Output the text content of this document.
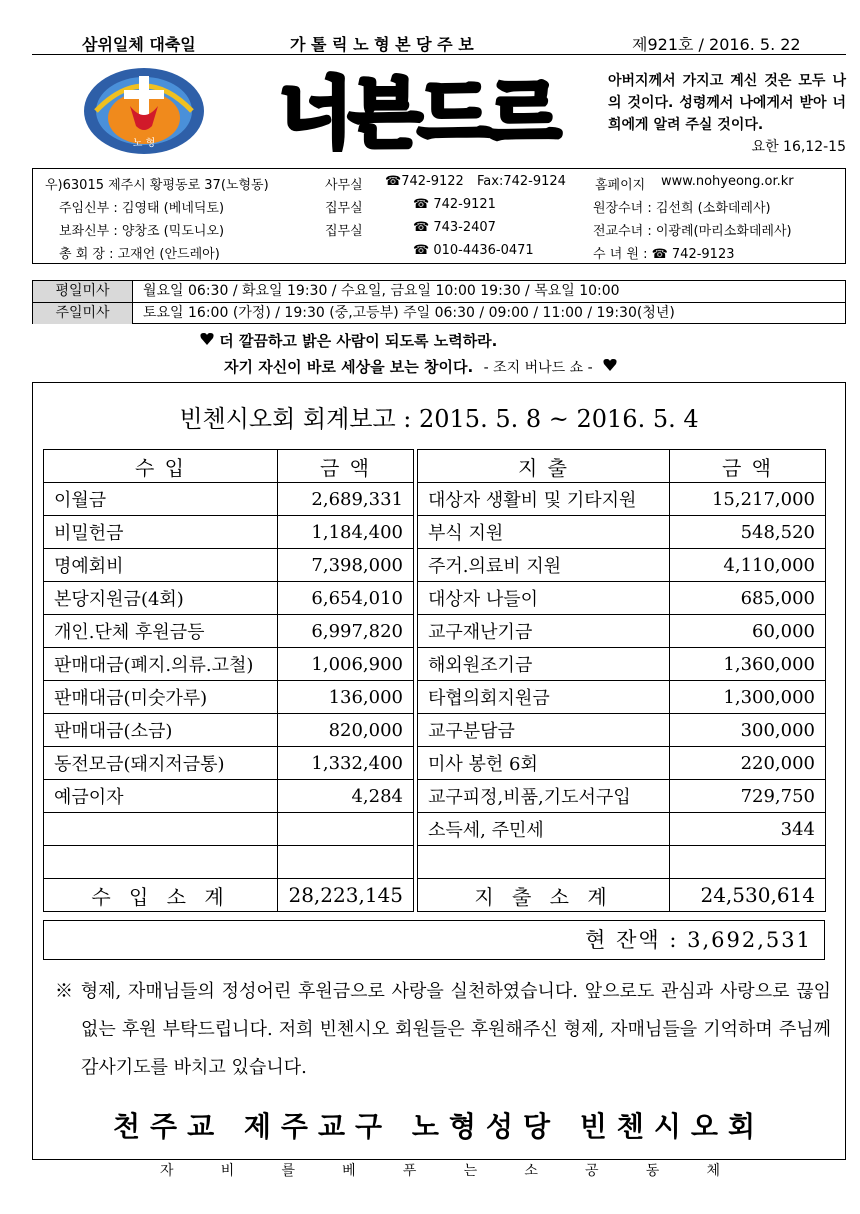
삼위일체 대축일	가 톨 릭 노 형 본 당 주 보	제921호 / 2016. 5. 22
노 형 너븐드르	아버지께서 가지고 계신 것은 모두 나의 것이다. 성령께서 나에게서 받아 너희에게 알려 주실 것이다.
요한 16,12-15
우)63015 제주시 황평동로 37(노형동)	사무실 ☎742-9122 Fax:742-9124 홈페이지 www.nohyeong.or.kr
주임신부 : 김영태 (베네딕토)	집무실	☎ 742-9121	원장수녀 : 김선희 (소화데레사)
보좌신부 : 양창조 (믹도니오)	집무실	☎ 743-2407	전교수녀 : 이광례(마리소화데레사)
총 회 장 : 고재언 (안드레아)	☎ 010-4436-0471	수 녀 원 : ☎ 742-9123
평일미사	월요일 06:30 / 화요일 19:30 / 수요일, 금요일 10:00 19:30 / 목요일 10:00
주일미사	토요일 16:00 (가정) / 19:30 (중,고등부) 주일 06:30 / 09:00 / 11:00 / 19:30(청년)
더 깔끔하고 밝은 사람이 되도록 노력하라.
자기 자신이 바로 세상을 보는 창이다. - 조지 버나드 쇼 -
빈첸시오회 회계보고 : 2015. 5. 8 ~ 2016. 5. 4
수 입	금 액		지 출	금 액
이월금	2,689,331		대상자 생활비 및 기타지원	15,217,000
비밀헌금	1,184,400		부식 지원	548,520
명예회비	7,398,000		주거.의료비 지원	4,110,000
본당지원금(4회)	6,654,010		대상자 나들이	685,000
개인.단체 후원금등	6,997,820		교구재난기금	60,000
판매대금(폐지.의류.고철)	1,006,900		해외원조기금	1,360,000
판매대금(미숫가루)	136,000		타협의회지원금	1,300,000
판매대금(소금)	820,000		교구분담금	300,000
동전모금(돼지저금통)	1,332,400		미사 봉헌 6회	220,000
예금이자	4,284		교구피정,비품,기도서구입	729,750
			소득세, 주민세	344

수 입 소 계	28,223,145		지 출 소 계	24,530,614
현 잔액 : 3,692,531
※ 형제, 자매님들의 정성어린 후원금으로 사랑을 실천하였습니다. 앞으로도 관심과 사랑으로 끊임없는 후원 부탁드립니다. 저희 빈첸시오 회원들은 후원해주신 형제, 자매님들을 기억하며 주님께 감사기도를 바치고 있습니다.
천주교 제주교구 노형성당 빈첸시오회
자	비	를	베	푸	는	소	공	동	체
